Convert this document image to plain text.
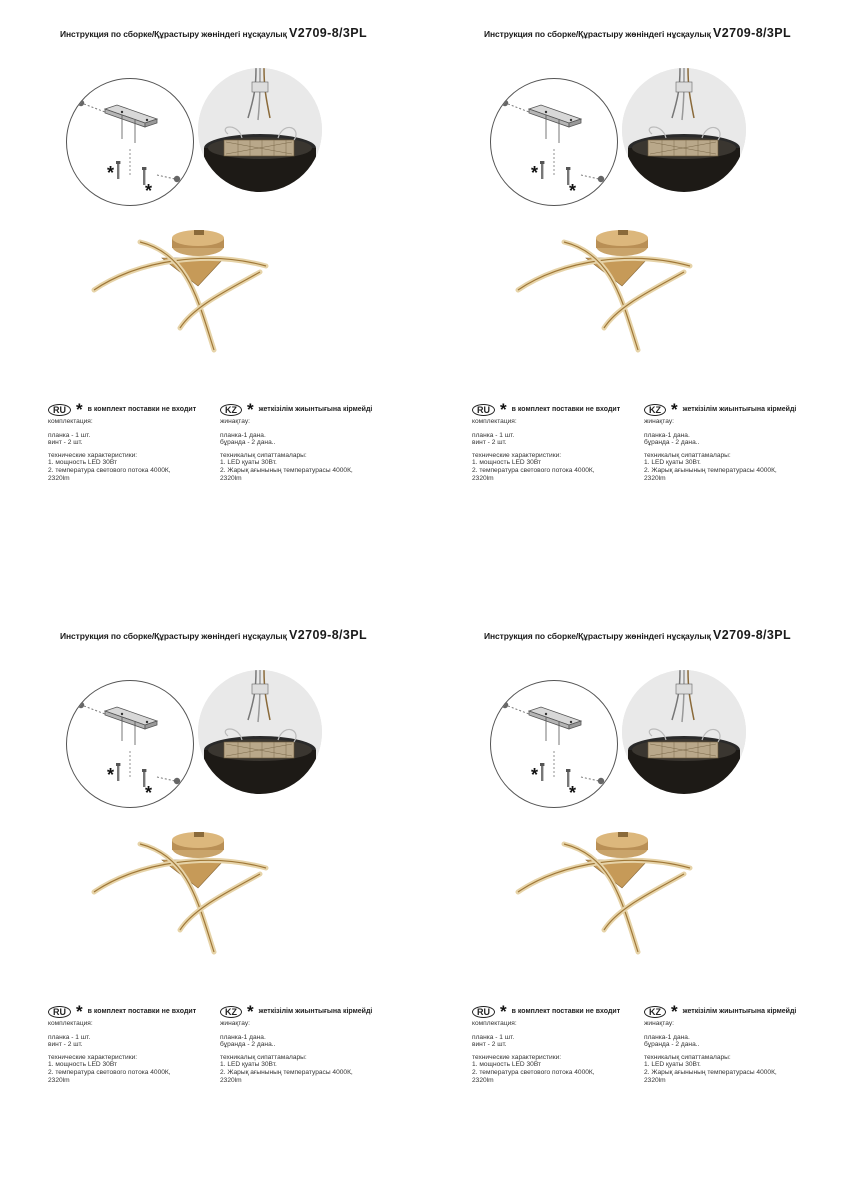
Инструкция по сборке/Құрастыру жөніндегі нұсқаулық V2709-8/3PL
*
*
RU * в комплект поставки не входит
комплектация:
планка - 1 шт.
винт - 2 шт.
технические характеристики:
1. мощность LED 30Вт
2. температура светового потока 4000К,
2320lm
KZ * жеткізілім жиынтығына кірмейді
жинақтау:
планка-1 дана.
бұранда - 2 дана..
техникалық сипаттамалары:
1. LED қуаты 30Вт.
2. Жарық ағынының температурасы 4000К,
2320lm
Инструкция по сборке/Құрастыру жөніндегі нұсқаулық V2709-8/3PL
*
*
RU * в комплект поставки не входит
комплектация:
планка - 1 шт.
винт - 2 шт.
технические характеристики:
1. мощность LED 30Вт
2. температура светового потока 4000К,
2320lm
KZ * жеткізілім жиынтығына кірмейді
жинақтау:
планка-1 дана.
бұранда - 2 дана..
техникалық сипаттамалары:
1. LED қуаты 30Вт.
2. Жарық ағынының температурасы 4000К,
2320lm
Инструкция по сборке/Құрастыру жөніндегі нұсқаулық V2709-8/3PL
*
*
RU * в комплект поставки не входит
комплектация:
планка - 1 шт.
винт - 2 шт.
технические характеристики:
1. мощность LED 30Вт
2. температура светового потока 4000К,
2320lm
KZ * жеткізілім жиынтығына кірмейді
жинақтау:
планка-1 дана.
бұранда - 2 дана..
техникалық сипаттамалары:
1. LED қуаты 30Вт.
2. Жарық ағынының температурасы 4000К,
2320lm
Инструкция по сборке/Құрастыру жөніндегі нұсқаулық V2709-8/3PL
*
*
RU * в комплект поставки не входит
комплектация:
планка - 1 шт.
винт - 2 шт.
технические характеристики:
1. мощность LED 30Вт
2. температура светового потока 4000К,
2320lm
KZ * жеткізілім жиынтығына кірмейді
жинақтау:
планка-1 дана.
бұранда - 2 дана..
техникалық сипаттамалары:
1. LED қуаты 30Вт.
2. Жарық ағынының температурасы 4000К,
2320lm
